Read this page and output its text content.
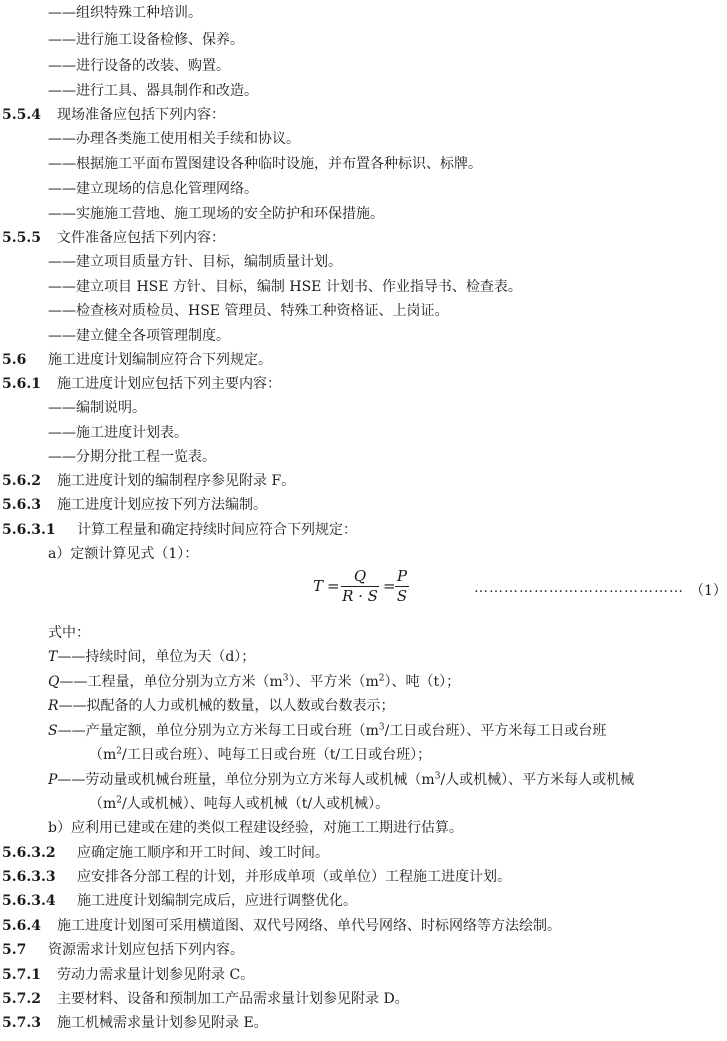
——组织特殊工种培训。
——进行施工设备检修、保养。
——进行设备的改装、购置。
——进行工具、器具制作和改造。
5.5.4 现场准备应包括下列内容：
——办理各类施工使用相关手续和协议。
——根据施工平面布置图建设各种临时设施，并布置各种标识、标牌。
——建立现场的信息化管理网络。
——实施施工营地、施工现场的安全防护和环保措施。
5.5.5 文件准备应包括下列内容：
——建立项目质量方针、目标，编制质量计划。
——建立项目 HSE 方针、目标，编制 HSE 计划书、作业指导书、检查表。
——检查核对质检员、HSE 管理员、特殊工种资格证、上岗证。
——建立健全各项管理制度。
5.6 施工进度计划编制应符合下列规定。
5.6.1 施工进度计划应包括下列主要内容：
——编制说明。
——施工进度计划表。
——分期分批工程一览表。
5.6.2 施工进度计划的编制程序参见附录 F。
5.6.3 施工进度计划应按下列方法编制。
5.6.3.1 计算工程量和确定持续时间应符合下列规定：
a）定额计算见式（1）：
T =
Q
R · S
=
P
S	…………………………………… （1）
式中：
T——持续时间，单位为天（d）；
Q——工程量，单位分别为立方米$(m^3)$、平方米$(m^2)$、吨（t）；
R——拟配备的人力或机械的数量，以人数或台数表示；
S——产量定额，单位分别为立方米每工日或台班（$m^3/$工日或台班）、平方米每工日或台班
（$m^2/$工日或台班）、吨每工日或台班（t/工日或台班）；
P——劳动量或机械台班量，单位分别为立方米每人或机械（$m^3/$人或机械）、平方米每人或机械
（$m^2/$人或机械）、吨每人或机械（t/人或机械）。
b）应利用已建或在建的类似工程建设经验，对施工工期进行估算。
5.6.3.2 应确定施工顺序和开工时间、竣工时间。
5.6.3.3 应安排各分部工程的计划，并形成单项（或单位）工程施工进度计划。
5.6.3.4 施工进度计划编制完成后，应进行调整优化。
5.6.4 施工进度计划图可采用横道图、双代号网络、单代号网络、时标网络等方法绘制。
5.7 资源需求计划应包括下列内容。
5.7.1 劳动力需求量计划参见附录 C。
5.7.2 主要材料、设备和预制加工产品需求量计划参见附录 D。
5.7.3 施工机械需求量计划参见附录 E。
